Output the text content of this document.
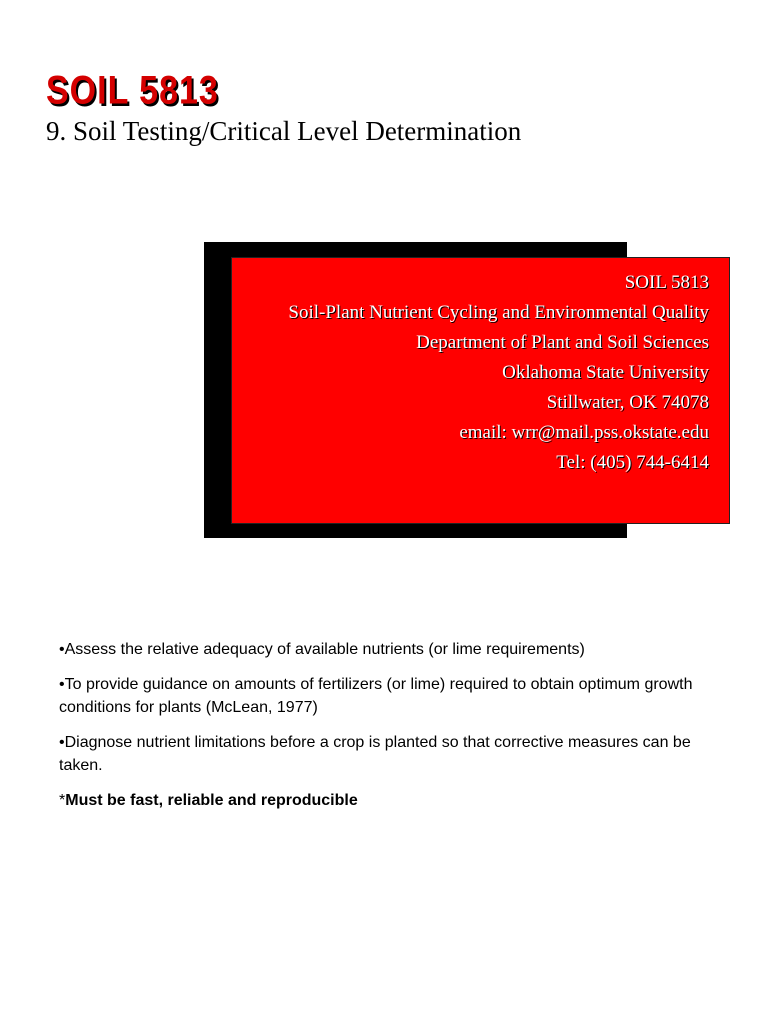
SOIL 5813
9. Soil Testing/Critical Level Determination
SOIL 5813
Soil-Plant Nutrient Cycling and Environmental Quality
Department of Plant and Soil Sciences
Oklahoma State University
Stillwater, OK 74078
email: wrr@mail.pss.okstate.edu
Tel: (405) 744-6414
•Assess the relative adequacy of available nutrients (or lime requirements)
•To provide guidance on amounts of fertilizers (or lime) required to obtain optimum growth conditions for plants (McLean, 1977)
•Diagnose nutrient limitations before a crop is planted so that corrective measures can be taken.
*Must be fast, reliable and reproducible
